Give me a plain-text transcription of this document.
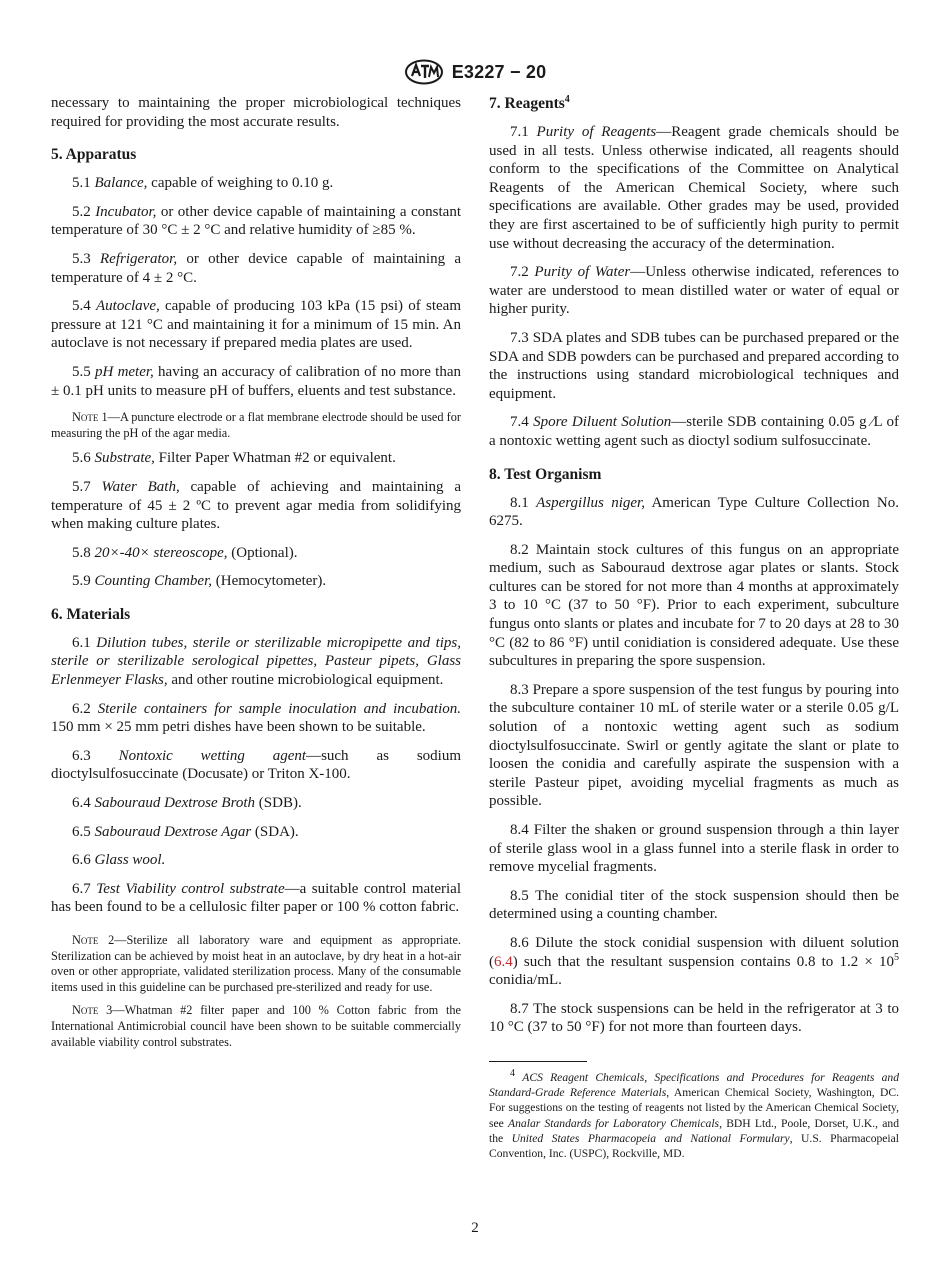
E3227 − 20

necessary to maintaining the proper microbiological techniques required for providing the most accurate results.

5. Apparatus

5.1 Balance, capable of weighing to 0.10 g.

5.2 Incubator, or other device capable of maintaining a constant temperature of 30 °C ± 2 °C and relative humidity of ≥85 %.

5.3 Refrigerator, or other device capable of maintaining a temperature of 4 ± 2 °C.

5.4 Autoclave, capable of producing 103 kPa (15 psi) of steam pressure at 121 °C and maintaining it for a minimum of 15 min. An autoclave is not necessary if prepared media plates are used.

5.5 pH meter, having an accuracy of calibration of no more than ± 0.1 pH units to measure pH of buffers, eluents and test substance.

Note 1—A puncture electrode or a flat membrane electrode should be used for measuring the pH of the agar media.

5.6 Substrate, Filter Paper Whatman #2 or equivalent.

5.7 Water Bath, capable of achieving and maintaining a temperature of 45 ± 2 ºC to prevent agar media from solidifying when making culture plates.

5.8 20×-40× stereoscope, (Optional).

5.9 Counting Chamber, (Hemocytometer).

6. Materials

6.1 Dilution tubes, sterile or sterilizable micropipette and tips, sterile or sterilizable serological pipettes, Pasteur pipets, Glass Erlenmeyer Flasks, and other routine microbiological equipment.

6.2 Sterile containers for sample inoculation and incubation. 150 mm × 25 mm petri dishes have been shown to be suitable.

6.3 Nontoxic wetting agent—such as sodium dioctylsulfosuccinate (Docusate) or Triton X-100.

6.4 Sabouraud Dextrose Broth (SDB).

6.5 Sabouraud Dextrose Agar (SDA).

6.6 Glass wool.

6.7 Test Viability control substrate—a suitable control material has been found to be a cellulosic filter paper or 100 % cotton fabric.

Note 2—Sterilize all laboratory ware and equipment as appropriate. Sterilization can be achieved by moist heat in an autoclave, by dry heat in a hot-air oven or other appropriate, validated sterilization process. Many of the consumable items used in this guideline can be purchased pre-sterilized and ready for use.

Note 3—Whatman #2 filter paper and 100 % Cotton fabric from the International Antimicrobial council have been shown to be suitable commercially available viability control substrates.

7. Reagents$^4$

7.1 Purity of Reagents—Reagent grade chemicals should be used in all tests. Unless otherwise indicated, all reagents should conform to the specifications of the Committee on Analytical Reagents of the American Chemical Society, where such specifications are available. Other grades may be used, provided they are first ascertained to be of sufficiently high purity to permit use without decreasing the accuracy of the determination.

7.2 Purity of Water—Unless otherwise indicated, references to water are understood to mean distilled water or water of equal or higher purity.

7.3 SDA plates and SDB tubes can be purchased prepared or the SDA and SDB powders can be purchased and prepared according to the instructions using standard microbiological techniques and equipment.

7.4 Spore Diluent Solution—sterile SDB containing 0.05 g ⁄L of a nontoxic wetting agent such as dioctyl sodium sulfosuccinate.

8. Test Organism

8.1 Aspergillus niger, American Type Culture Collection No. 6275.

8.2 Maintain stock cultures of this fungus on an appropriate medium, such as Sabouraud dextrose agar plates or slants. Stock cultures can be stored for not more than 4 months at approximately 3 to 10 °C (37 to 50 °F). Prior to each experiment, subculture fungus onto slants or plates and incubate for 7 to 20 days at 28 to 30 °C (82 to 86 °F) until conidiation is considered adequate. Use these subcultures in preparing the spore suspension.

8.3 Prepare a spore suspension of the test fungus by pouring into the subculture container 10 mL of sterile water or a sterile 0.05 g/L solution of a nontoxic wetting agent such as sodium dioctylsulfosuccinate. Swirl or gently agitate the slant or plate to loosen the conidia and carefully aspirate the suspension with a sterile Pasteur pipet, avoiding mycelial fragments as much as possible.

8.4 Filter the shaken or ground suspension through a thin layer of sterile glass wool in a glass funnel into a sterile flask in order to remove mycelial fragments.

8.5 The conidial titer of the stock suspension should then be determined using a counting chamber.

8.6 Dilute the stock conidial suspension with diluent solution (6.4) such that the resultant suspension contains 0.8 to $1.2 \times 10^5$ conidia/mL.

8.7 The stock suspensions can be held in the refrigerator at 3 to 10 °C (37 to 50 °F) for not more than fourteen days.

$^4$ ACS Reagent Chemicals, Specifications and Procedures for Reagents and Standard-Grade Reference Materials, American Chemical Society, Washington, DC. For suggestions on the testing of reagents not listed by the American Chemical Society, see Analar Standards for Laboratory Chemicals, BDH Ltd., Poole, Dorset, U.K., and the United States Pharmacopeia and National Formulary, U.S. Pharmacopeial Convention, Inc. (USPC), Rockville, MD.

2
